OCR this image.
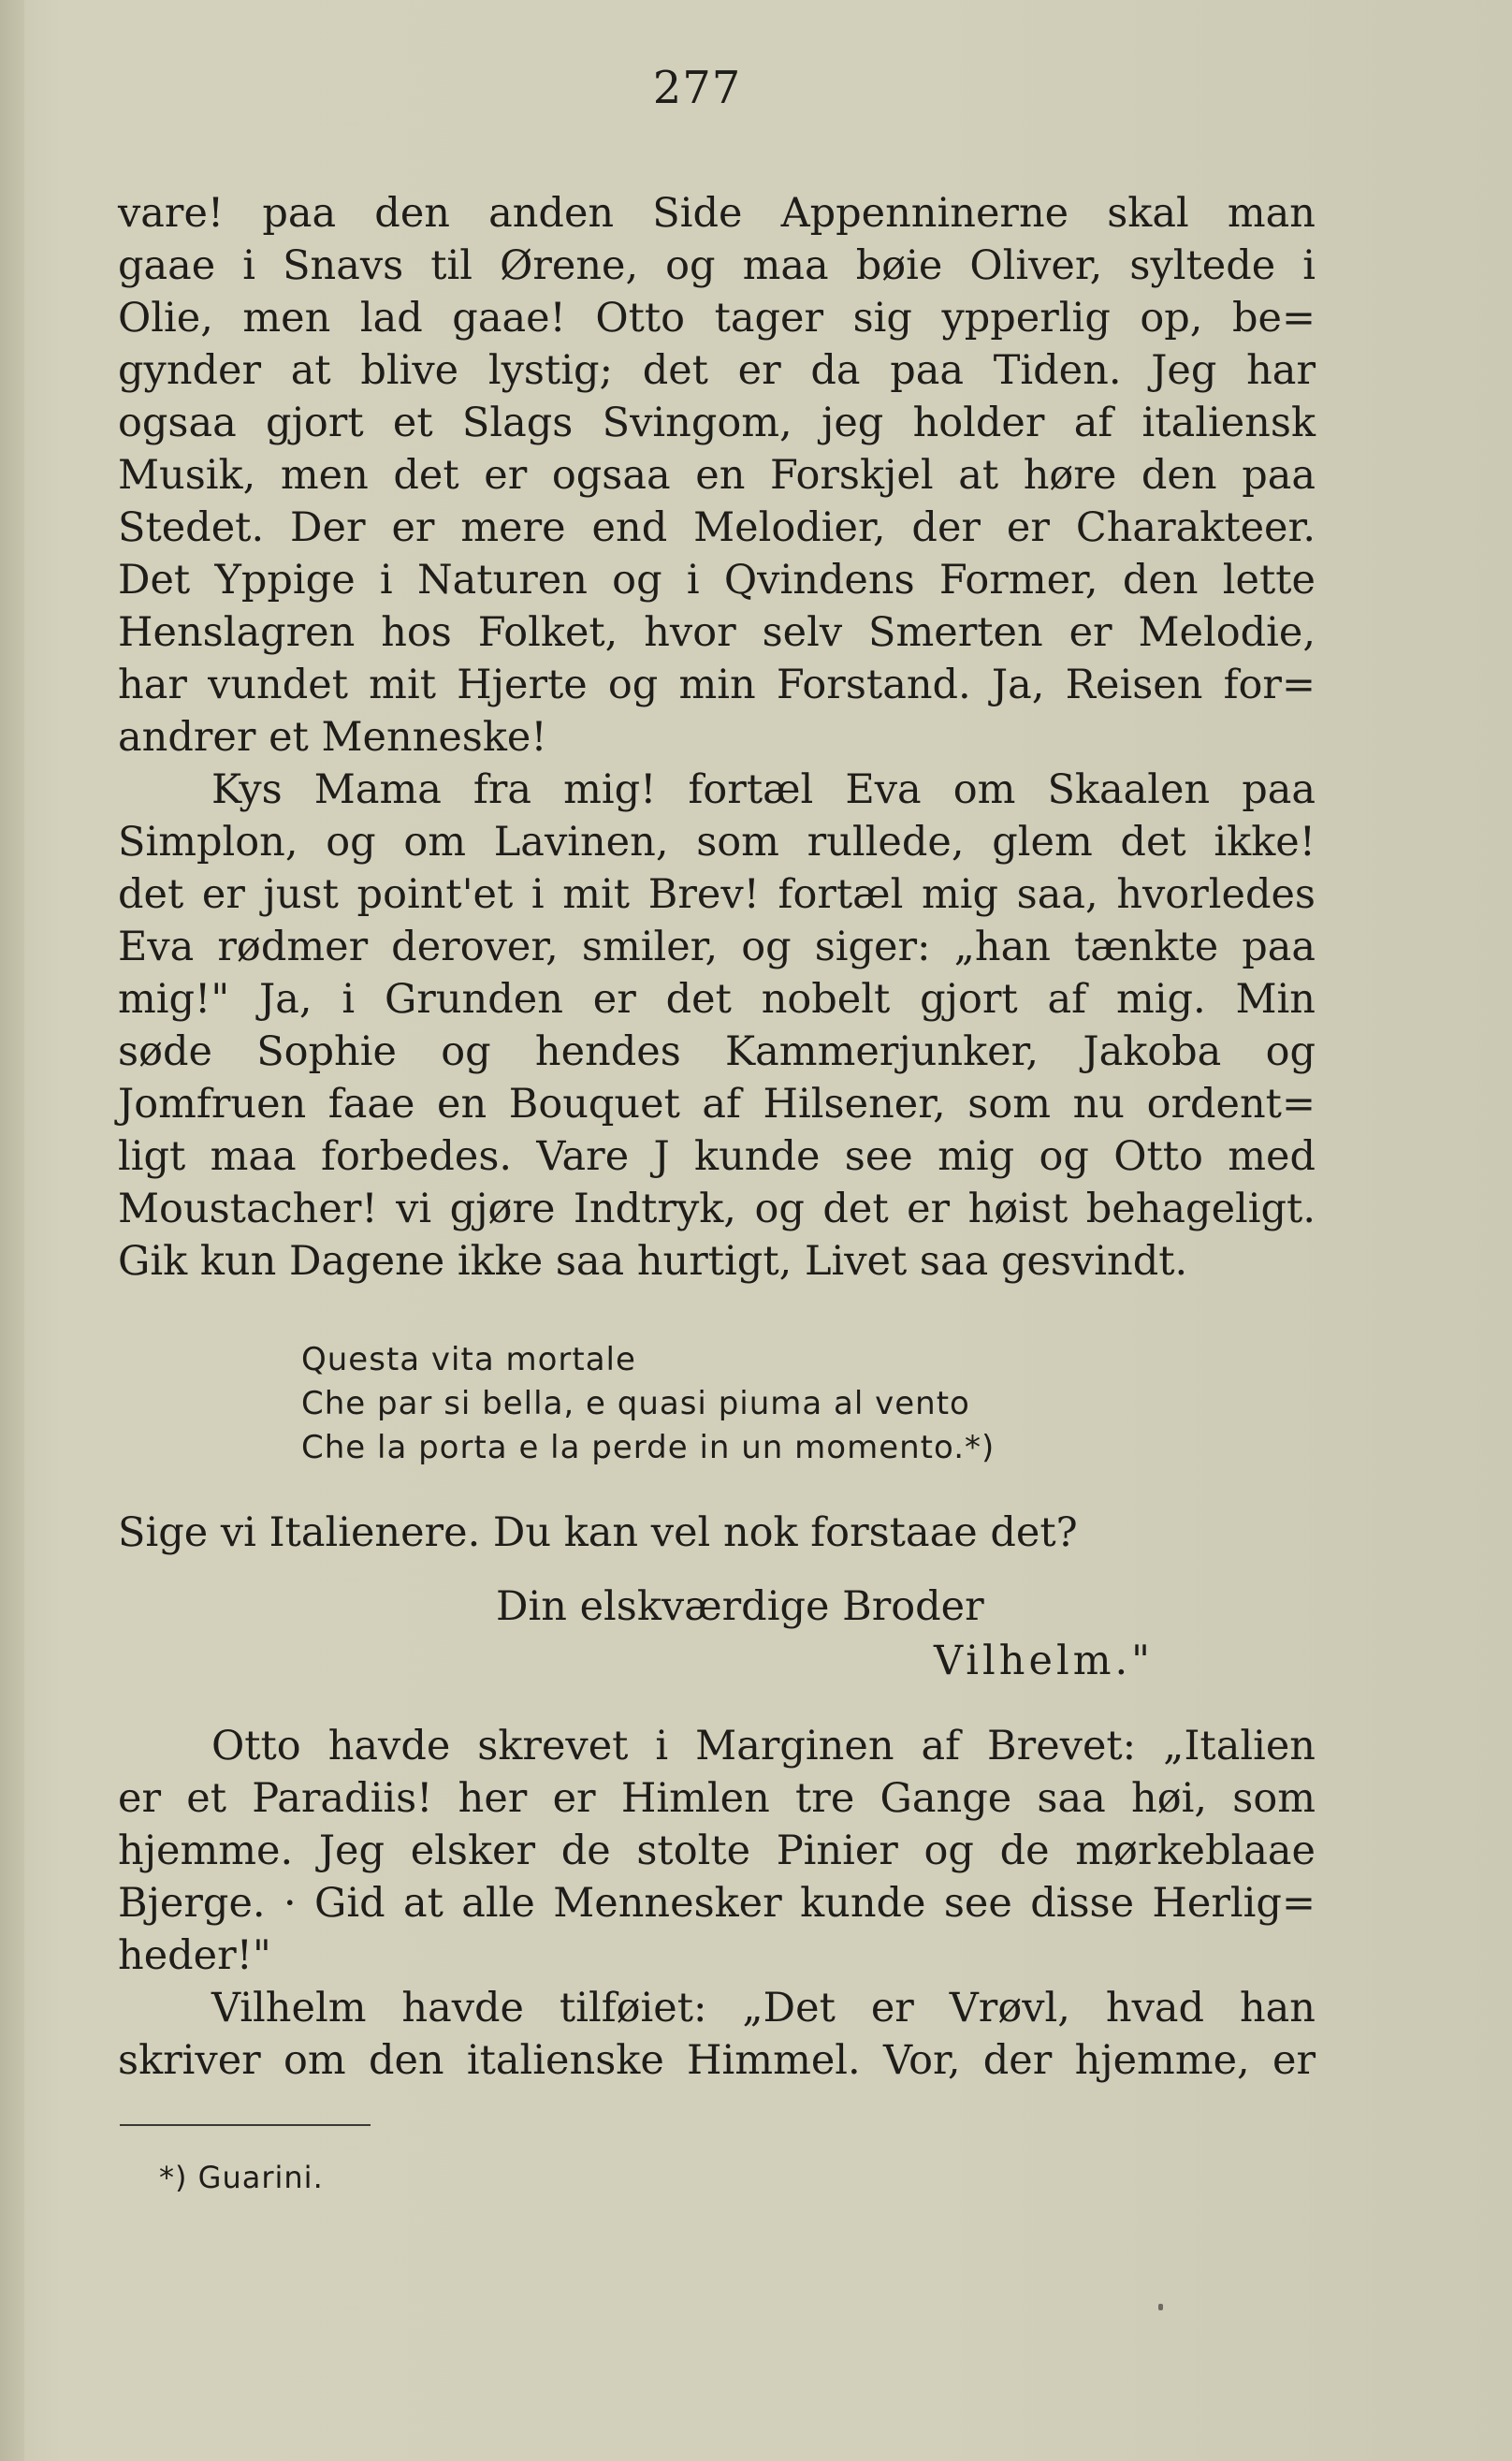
277
vare! paa den anden Side Appenninerne skal man
gaae i Snavs til Ørene, og maa bøie Oliver, syltede i
Olie, men lad gaae! Otto tager sig ypperlig op, be=
gynder at blive lystig; det er da paa Tiden. Jeg har
ogsaa gjort et Slags Svingom, jeg holder af italiensk
Musik, men det er ogsaa en Forskjel at høre den paa
Stedet. Der er mere end Melodier, der er Charakteer.
Det Yppige i Naturen og i Qvindens Former, den lette
Henslagren hos Folket, hvor selv Smerten er Melodie,
har vundet mit Hjerte og min Forstand. Ja, Reisen for=
andrer et Menneske!
Kys Mama fra mig! fortæl Eva om Skaalen paa
Simplon, og om Lavinen, som rullede, glem det ikke!
det er just point'et i mit Brev! fortæl mig saa, hvorledes
Eva rødmer derover, smiler, og siger: „han tænkte paa
mig!" Ja, i Grunden er det nobelt gjort af mig. Min
søde Sophie og hendes Kammerjunker, Jakoba og
Jomfruen faae en Bouquet af Hilsener, som nu ordent=
ligt maa forbedes. Vare J kunde see mig og Otto med
Moustacher! vi gjøre Indtryk, og det er høist behageligt.
Gik kun Dagene ikke saa hurtigt, Livet saa gesvindt.
Questa vita mortale
Che par si bella, e quasi piuma al vento
Che la porta e la perde in un momento.*)
Sige vi Italienere. Du kan vel nok forstaae det?
Din elskværdige Broder
Vilhelm."
Otto havde skrevet i Marginen af Brevet: „Italien
er et Paradiis! her er Himlen tre Gange saa høi, som
hjemme. Jeg elsker de stolte Pinier og de mørkeblaae
Bjerge. · Gid at alle Mennesker kunde see disse Herlig=
heder!"
Vilhelm havde tilføiet: „Det er Vrøvl, hvad han
skriver om den italienske Himmel. Vor, der hjemme, er
*) Guarini.
